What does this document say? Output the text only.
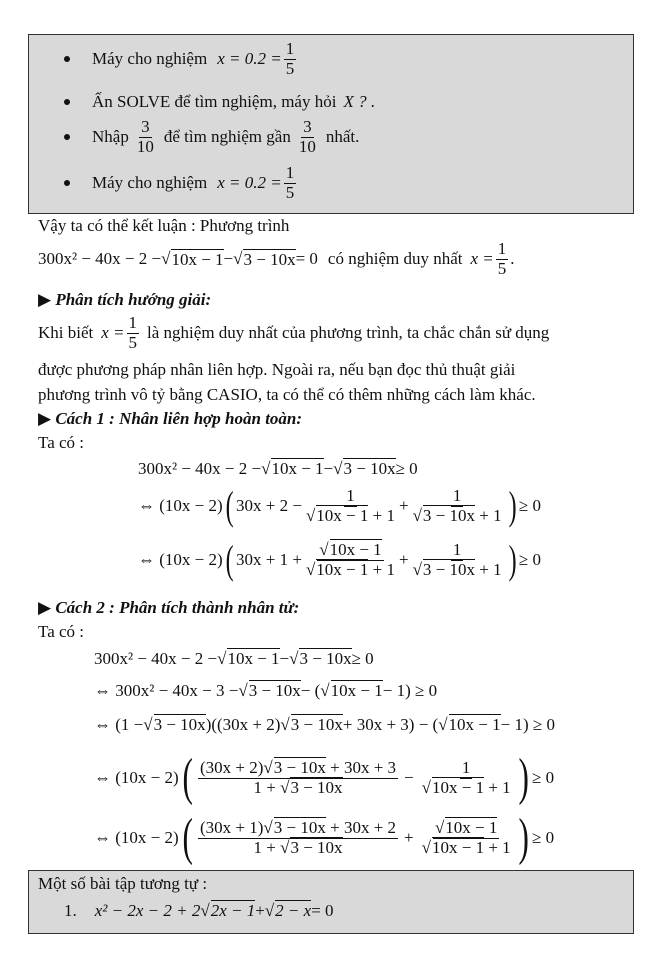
Máy cho nghiệm $x = 0.2 = \frac{1}{5}$
Ấn SOLVE để tìm nghiệm, máy hỏi X ? .
Nhập $\frac{3}{10}$ để tìm nghiệm gần $\frac{3}{10}$ nhất.
Máy cho nghiệm $x = 0.2 = \frac{1}{5}$
Vậy ta có thể kết luận : Phương trình
300x² − 40x − 2 − √ 10x − 1 − √ 3 − 10x = 0 có nghiệm duy nhất $x = \frac{1}{5}$ .
▶ Phân tích hướng giải:
Khi biết $x = \frac{1}{5}$ là nghiệm duy nhất của phương trình, ta chắc chắn sử dụng
được phương pháp nhân liên hợp. Ngoài ra, nếu bạn đọc thủ thuật giải
phương trình vô tỷ bằng CASIO, ta có thể có thêm những cách làm khác.
▶ Cách 1 : Nhân liên hợp hoàn toàn:
Ta có :
300x² − 40x − 2 − √ 10x − 1 − √ 3 − 10x ≥ 0
⇔ (10x − 2) ( 30x + 2 − 1
√ 10x − 1 + 1 + 1
√ 3 − 10x + 1 ) ≥ 0
⇔ (10x − 2) ( 30x + 1 + √ 10x − 1
√ 10x − 1 + 1 + 1
√ 3 − 10x + 1 ) ≥ 0
▶ Cách 2 : Phân tích thành nhân tử:
Ta có :
300x² − 40x − 2 − √ 10x − 1 − √ 3 − 10x ≥ 0
⇔ 300x² − 40x − 3 − √ 3 − 10x − ( √ 10x − 1 − 1) ≥ 0
⇔ (1 − √ 3 − 10x )((30x + 2) √ 3 − 10x + 30x + 3) − ( √ 10x − 1 − 1) ≥ 0
⇔ (10x − 2) ( $\frac{(30x + 2) √ 3 - 10x + 30x + 3}{1 + √ 3 - 10x} - 1$
√ 10x − 1 + 1 ) ≥ 0
⇔ (10x − 2) ( $\frac{(30x + 1) √ 3 - 10x + 30x + 2}{1 + √ 3 - 10x}$ + √ 10x − 1
√ 10x − 1 + 1 ) ≥ 0
Một số bài tập tương tự :
1. x² − 2x − 2 + 2 √ 2x − 1 + √ 2 − x = 0
